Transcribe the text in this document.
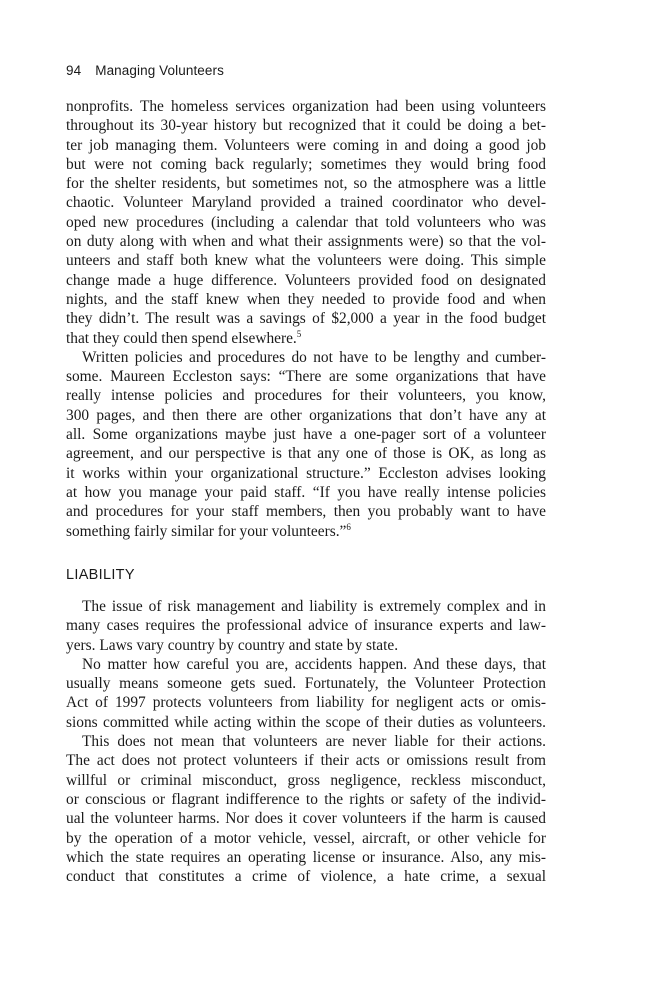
94 Managing Volunteers
nonprofits. The homeless services organization had been using volunteers
throughout its 30-year history but recognized that it could be doing a bet-
ter job managing them. Volunteers were coming in and doing a good job
but were not coming back regularly; sometimes they would bring food
for the shelter residents, but sometimes not, so the atmosphere was a little
chaotic. Volunteer Maryland provided a trained coordinator who devel-
oped new procedures (including a calendar that told volunteers who was
on duty along with when and what their assignments were) so that the vol-
unteers and staff both knew what the volunteers were doing. This simple
change made a huge difference. Volunteers provided food on designated
nights, and the staff knew when they needed to provide food and when
they didn’t. The result was a savings of $2,000 a year in the food budget
that they could then spend elsewhere.$^5$
Written policies and procedures do not have to be lengthy and cumber-
some. Maureen Eccleston says: “There are some organizations that have
really intense policies and procedures for their volunteers, you know,
300 pages, and then there are other organizations that don’t have any at
all. Some organizations maybe just have a one-pager sort of a volunteer
agreement, and our perspective is that any one of those is OK, as long as
it works within your organizational structure.” Eccleston advises looking
at how you manage your paid staff. “If you have really intense policies
and procedures for your staff members, then you probably want to have
something fairly similar for your volunteers.”$^6$
LIABILITY
The issue of risk management and liability is extremely complex and in
many cases requires the professional advice of insurance experts and law-
yers. Laws vary country by country and state by state.
No matter how careful you are, accidents happen. And these days, that
usually means someone gets sued. Fortunately, the Volunteer Protection
Act of 1997 protects volunteers from liability for negligent acts or omis-
sions committed while acting within the scope of their duties as volunteers.
This does not mean that volunteers are never liable for their actions.
The act does not protect volunteers if their acts or omissions result from
willful or criminal misconduct, gross negligence, reckless misconduct,
or conscious or flagrant indifference to the rights or safety of the individ-
ual the volunteer harms. Nor does it cover volunteers if the harm is caused
by the operation of a motor vehicle, vessel, aircraft, or other vehicle for
which the state requires an operating license or insurance. Also, any mis-
conduct that constitutes a crime of violence, a hate crime, a sexual
